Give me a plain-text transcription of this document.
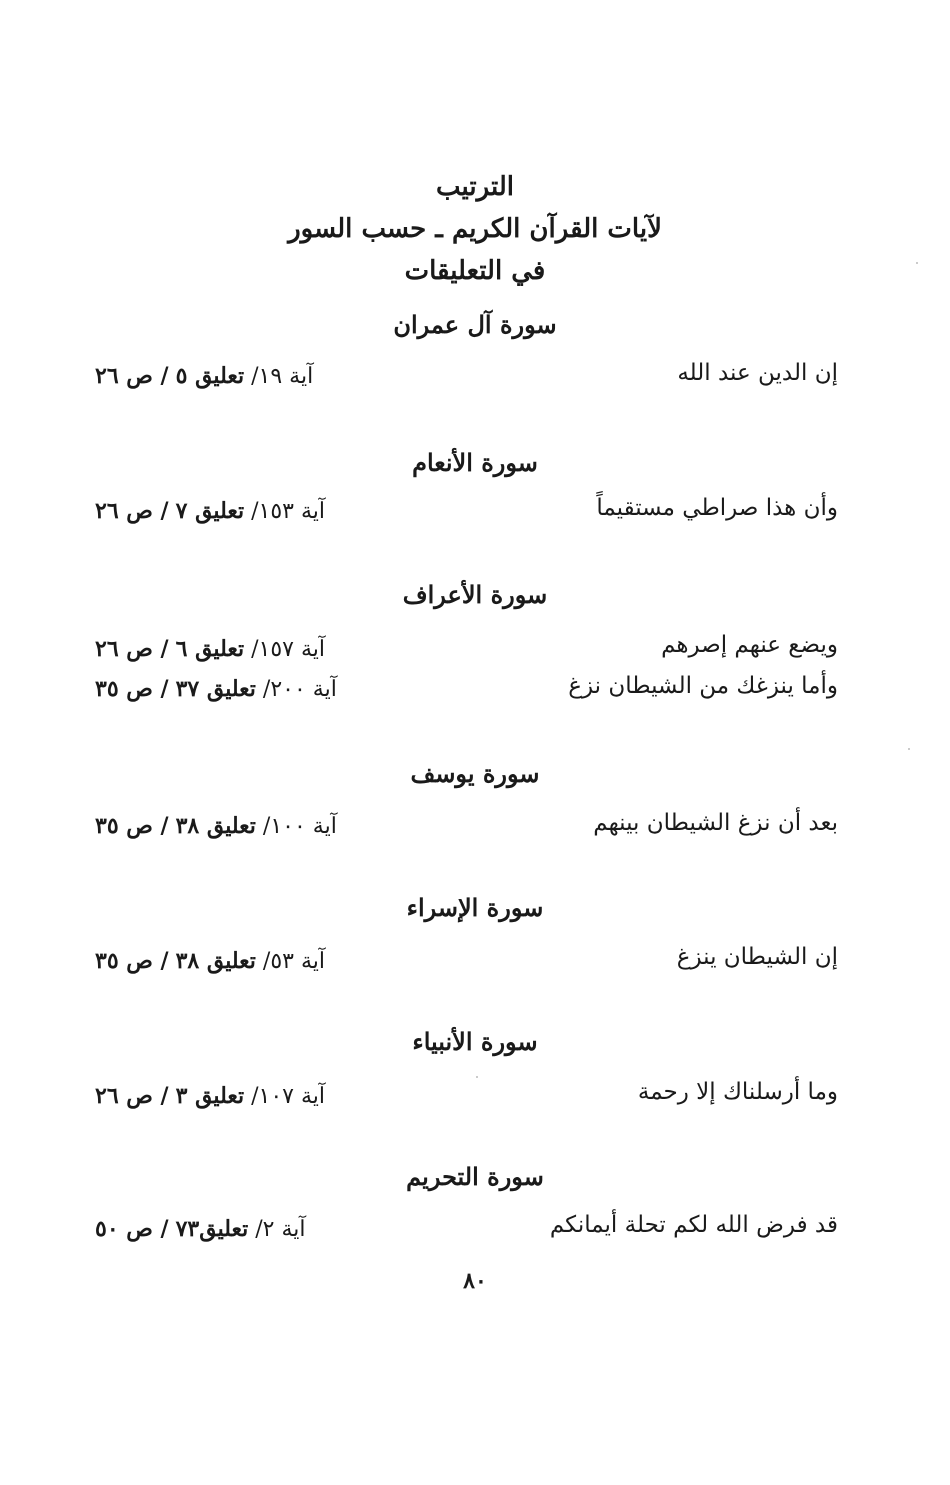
الترتيب
لآيات القرآن الكريم ـ حسب السور
في التعليقات
سورة آل عمران
إن الدين عند الله
آية ١٩/ تعليق ٥ / ص ٢٦
سورة الأنعام
وأن هذا صراطي مستقيماً
آية ١٥٣/ تعليق ٧ / ص ٢٦
سورة الأعراف
ويضع عنهم إصرهم
آية ١٥٧/ تعليق ٦ / ص ٢٦
وأما ينزغك من الشيطان نزغ
آية ٢٠٠/ تعليق ٣٧ / ص ٣٥
سورة يوسف
بعد أن نزغ الشيطان بينهم
آية ١٠٠/ تعليق ٣٨ / ص ٣٥
سورة الإسراء
إن الشيطان ينزغ
آية ٥٣/ تعليق ٣٨ / ص ٣٥
سورة الأنبياء
وما أرسلناك إلا رحمة
آية ١٠٧/ تعليق ٣ / ص ٢٦
سورة التحريم
قد فرض الله لكم تحلة أيمانكم
آية ٢/ تعليق٧٣ / ص ٥٠
٨٠
